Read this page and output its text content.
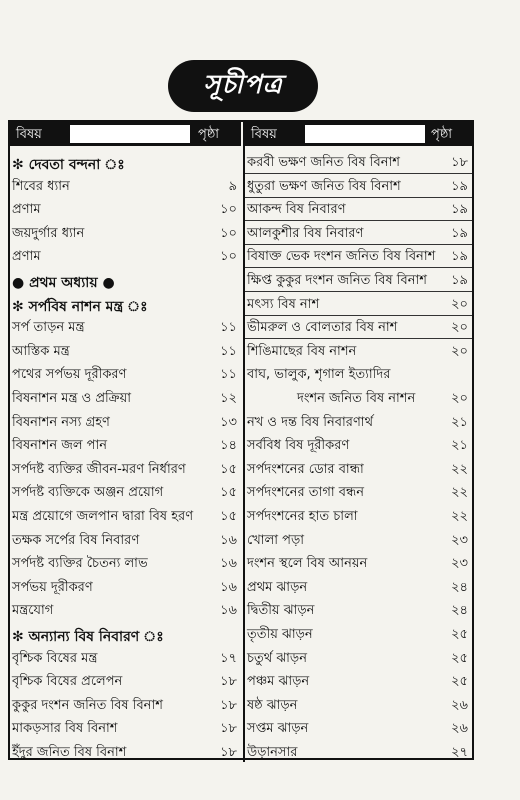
সূচীপত্র
বিষয়	পৃষ্ঠা বিষয়	পৃষ্ঠা
✻ দেবতা বন্দনা ঃ
শিবের ধ্যান	৯
প্রণাম	১০
জয়দুর্গার ধ্যান	১০
প্রণাম	১০
● প্রথম অধ্যায় ●
✻ সর্পবিষ নাশন মন্ত্র ঃ
সর্প তাড়ন মন্ত্র	১১
আস্তিক মন্ত্র	১১
পথের সর্পভয় দূরীকরণ	১১
বিষনাশন মন্ত্র ও প্রক্রিয়া	১২
বিষনাশন নস্য গ্রহণ	১৩
বিষনাশন জল পান	১৪
সর্পদষ্ট ব্যক্তির জীবন-মরণ নির্ধারণ	১৫
সর্পদষ্ট ব্যক্তিকে অঞ্জন প্রয়োগ	১৫
মন্ত্র প্রয়োগে জলপান দ্বারা বিষ হরণ ১৫
তক্ষক সর্পের বিষ নিবারণ	১৬
সর্পদষ্ট ব্যক্তির চৈতন্য লাভ	১৬
সর্পভয় দূরীকরণ	১৬
মন্ত্রযোগ	১৬
✻ অন্যান্য বিষ নিবারণ ঃ
বৃশ্চিক বিষের মন্ত্র	১৭
বৃশ্চিক বিষের প্রলেপন	১৮
কুকুর দংশন জনিত বিষ বিনাশ	১৮
মাকড়সার বিষ বিনাশ	১৮
ইঁদুর জনিত বিষ বিনাশ	১৮
করবী ভক্ষণ জনিত বিষ বিনাশ	১৮
ধুতুরা ভক্ষণ জনিত বিষ বিনাশ	১৯
আকন্দ বিষ নিবারণ	১৯
আলকুশীর বিষ নিবারণ	১৯
বিষাক্ত ভেক দংশন জনিত বিষ বিনাশ ১৯
ক্ষিপ্ত কুকুর দংশন জনিত বিষ বিনাশ ১৯
মৎস্য বিষ নাশ	২০
ভীমরুল ও বোলতার বিষ নাশ	২০
শিঙিমাছের বিষ নাশন	২০
বাঘ, ভালুক, শৃগাল ইত্যাদির
দংশন জনিত বিষ নাশন	২০
নখ ও দন্ত বিষ নিবারণার্থ	২১
সর্ববিধ বিষ দূরীকরণ	২১
সর্পদংশনের ডোর বান্ধা	২২
সর্পদংশনের তাগা বন্ধন	২২
সর্পদংশনের হাত চালা	২২
খোলা পড়া	২৩
দংশন স্থলে বিষ আনয়ন	২৩
প্রথম ঝাড়ন	২৪
দ্বিতীয় ঝাড়ন	২৪
তৃতীয় ঝাড়ন	২৫
চতুর্থ ঝাড়ন	২৫
পঞ্চম ঝাড়ন	২৫
ষষ্ঠ ঝাড়ন	২৬
সপ্তম ঝাড়ন	২৬
উড়ানসার	২৭
